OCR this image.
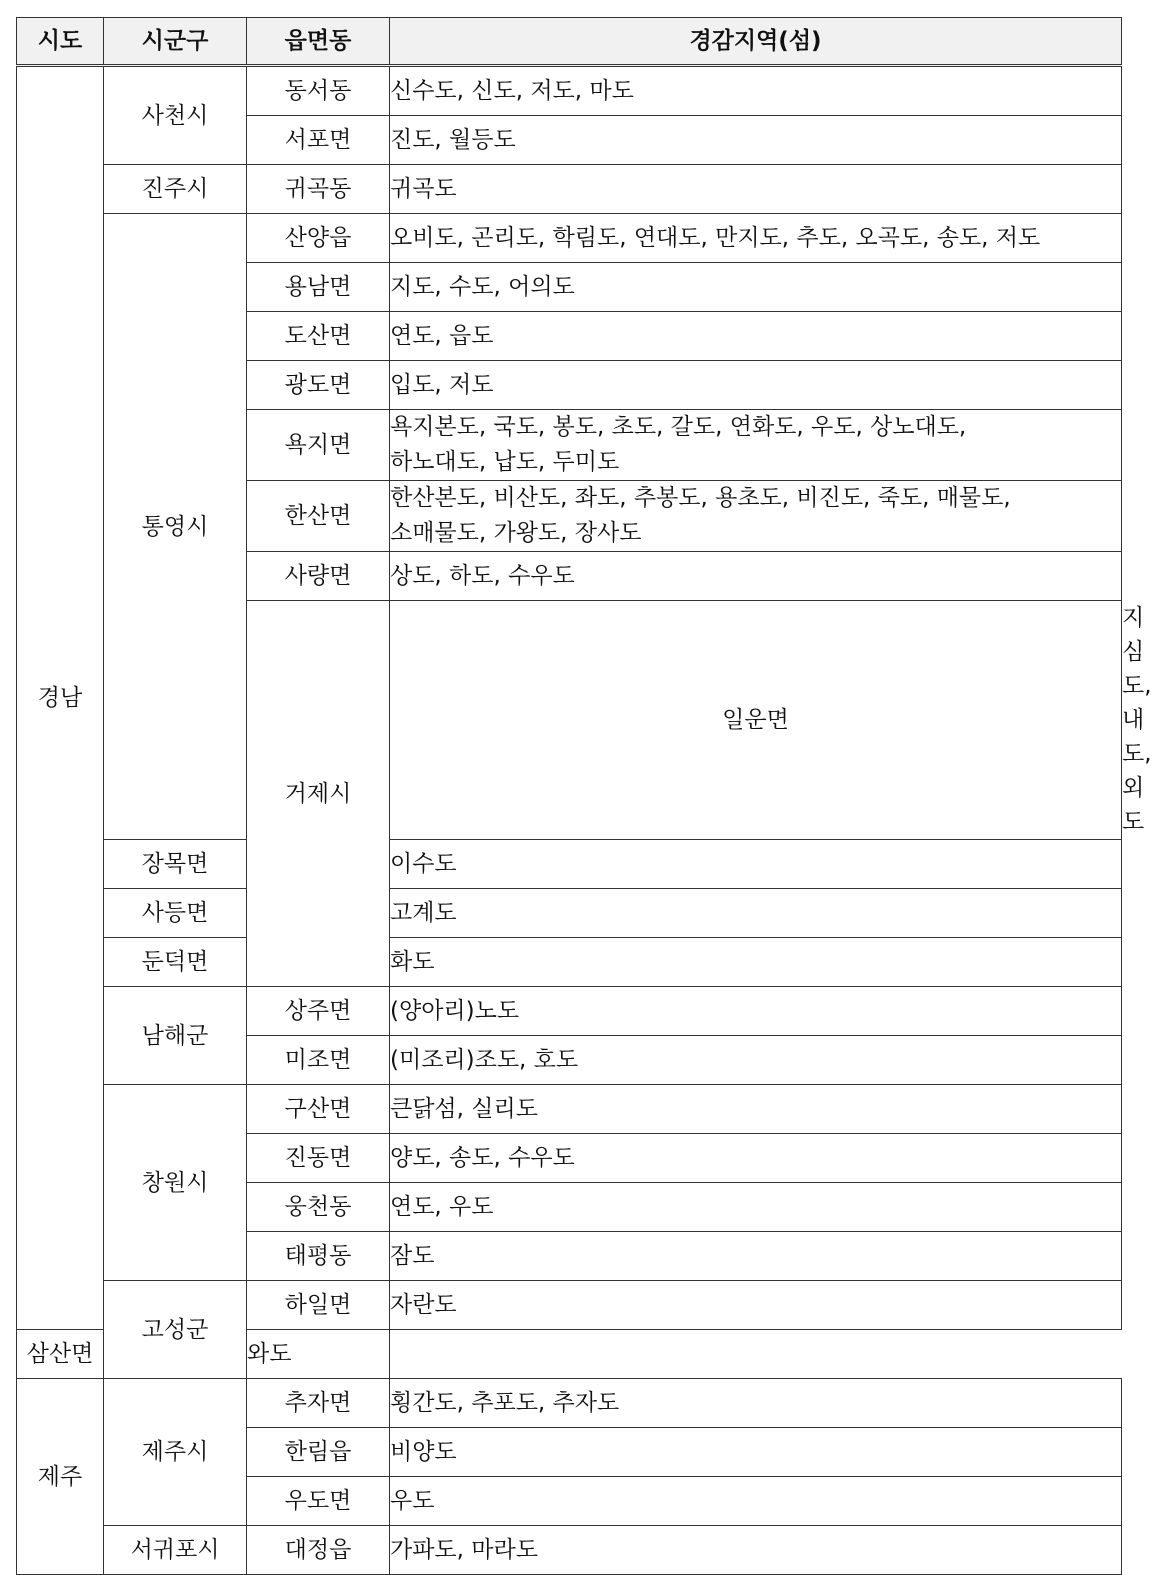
시도	시군구	읍면동	경감지역(섬)	
경남	사천시	동서동	신수도, 신도, 저도, 마도	
		서포면	진도, 월등도	
	진주시	귀곡동	귀곡도	
	통영시	산양읍	오비도, 곤리도, 학림도, 연대도, 만지도, 추도, 오곡도, 송도, 저도	
		용남면	지도, 수도, 어의도	
		도산면	연도, 읍도	
		광도면	입도, 저도	
		욕지면	욕지본도, 국도, 봉도, 초도, 갈도, 연화도, 우도, 상노대도,
하노대도, 납도, 두미도	

		한산면	한산본도, 비산도, 좌도, 추봉도, 용초도, 비진도, 죽도, 매물도,
소매물도, 가왕도, 장사도	

		사량면	상도, 하도, 수우도	
		거제시	일운면	지심도, 내도, 외도
	장목면		이수도	
	사등면		고계도	
	둔덕면		화도	
	남해군	상주면	(양아리)노도	
		미조면	(미조리)조도, 호도	
	창원시	구산면	큰닭섬, 실리도	
		진동면	양도, 송도, 수우도	
		웅천동	연도, 우도	
		태평동	잠도	
	고성군	하일면	자란도	
삼산면		와도		
제주	제주시	추자면	횡간도, 추포도, 추자도	
		한림읍	비양도	
		우도면	우도	
	서귀포시	대정읍	가파도, 마라도	
